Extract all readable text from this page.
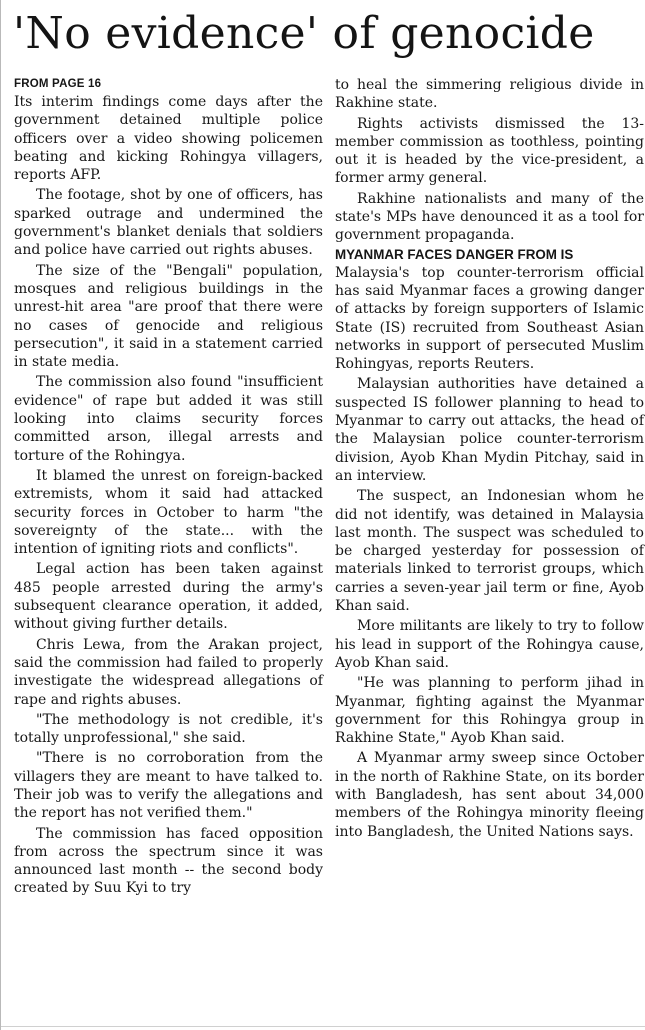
'No evidence' of genocide
FROM PAGE 16

Its interim findings come days after the government detained multiple police officers over a video showing policemen beating and kicking Rohingya villagers, reports AFP.

The footage, shot by one of officers, has sparked outrage and undermined the government's blanket denials that soldiers and police have carried out rights abuses.

The size of the "Bengali" population, mosques and religious buildings in the unrest-hit area "are proof that there were no cases of genocide and religious persecution", it said in a statement carried in state media.

The commission also found "insufficient evidence" of rape but added it was still looking into claims security forces committed arson, illegal arrests and torture of the Rohingya.

It blamed the unrest on foreign-backed extremists, whom it said had attacked security forces in October to harm "the sovereignty of the state... with the intention of igniting riots and conflicts".

Legal action has been taken against 485 people arrested during the army's subsequent clearance operation, it added, without giving further details.

Chris Lewa, from the Arakan project, said the commission had failed to properly investigate the widespread allegations of rape and rights abuses.

"The methodology is not credible, it's totally unprofessional," she said.

"There is no corroboration from the villagers they are meant to have talked to. Their job was to verify the allegations and the report has not verified them."

The commission has faced opposition from across the spectrum since it was announced last month -- the second body created by Suu Kyi to try

to heal the simmering religious divide in Rakhine state.

Rights activists dismissed the 13-member commission as toothless, pointing out it is headed by the vice-president, a former army general.

Rakhine nationalists and many of the state's MPs have denounced it as a tool for government propaganda.

MYANMAR FACES DANGER FROM IS

Malaysia's top counter-terrorism official has said Myanmar faces a growing danger of attacks by foreign supporters of Islamic State (IS) recruited from Southeast Asian networks in support of persecuted Muslim Rohingyas, reports Reuters.

Malaysian authorities have detained a suspected IS follower planning to head to Myanmar to carry out attacks, the head of the Malaysian police counter-terrorism division, Ayob Khan Mydin Pitchay, said in an interview.

The suspect, an Indonesian whom he did not identify, was detained in Malaysia last month. The suspect was scheduled to be charged yesterday for possession of materials linked to terrorist groups, which carries a seven-year jail term or fine, Ayob Khan said.

More militants are likely to try to follow his lead in support of the Rohingya cause, Ayob Khan said.

"He was planning to perform jihad in Myanmar, fighting against the Myanmar government for this Rohingya group in Rakhine State," Ayob Khan said.

A Myanmar army sweep since October in the north of Rakhine State, on its border with Bangladesh, has sent about 34,000 members of the Rohingya minority fleeing into Bangladesh, the United Nations says.
